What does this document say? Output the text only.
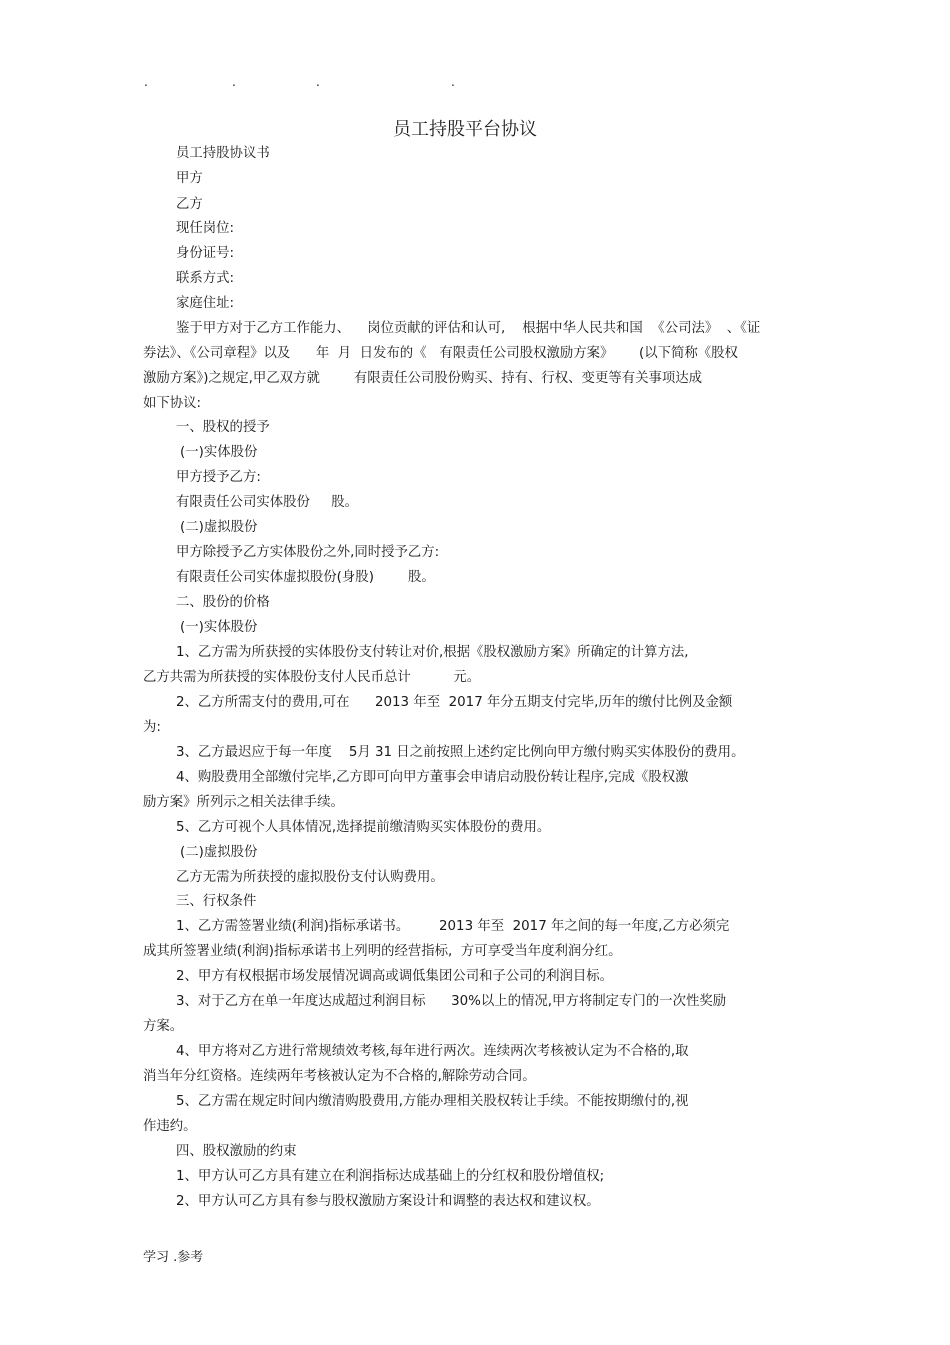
.	.	.	.
员工持股平台协议
员工持股协议书
甲方
乙方
现任岗位:
身份证号:
联系方式:
家庭住址:
鉴于甲方对于乙方工作能力、    岗位贡献的评估和认可,    根据中华人民共和国  《公司法》  、《证
券法》、《公司章程》以及      年  月  日发布的《   有限责任公司股权激励方案》      (以下简称《股权
激励方案》)之规定,甲乙双方就        有限责任公司股份购买、持有、行权、变更等有关事项达成
如下协议:
一、股权的授予
(一)实体股份
甲方授予乙方:
有限责任公司实体股份     股。
(二)虚拟股份
甲方除授予乙方实体股份之外,同时授予乙方:
有限责任公司实体虚拟股份(身股)        股。
二、股份的价格
(一)实体股份
1、乙方需为所获授的实体股份支付转让对价,根据《股权激励方案》所确定的计算方法,
乙方共需为所获授的实体股份支付人民币总计          元。
2、乙方所需支付的费用,可在      2013 年至  2017 年分五期支付完毕,历年的缴付比例及金额
为:
3、乙方最迟应于每一年度    5月 31 日之前按照上述约定比例向甲方缴付购买实体股份的费用。
4、购股费用全部缴付完毕,乙方即可向甲方董事会申请启动股份转让程序,完成《股权激
励方案》所列示之相关法律手续。
5、乙方可视个人具体情况,选择提前缴清购买实体股份的费用。
(二)虚拟股份
乙方无需为所获授的虚拟股份支付认购费用。
三、行权条件
1、乙方需签署业绩(利润)指标承诺书。       2013 年至  2017 年之间的每一年度,乙方必须完
成其所签署业绩(利润)指标承诺书上列明的经营指标,  方可享受当年度利润分红。
2、甲方有权根据市场发展情况调高或调低集团公司和子公司的利润目标。
3、对于乙方在单一年度达成超过利润目标      30%以上的情况,甲方将制定专门的一次性奖励
方案。
4、甲方将对乙方进行常规绩效考核,每年进行两次。连续两次考核被认定为不合格的,取
消当年分红资格。连续两年考核被认定为不合格的,解除劳动合同。
5、乙方需在规定时间内缴清购股费用,方能办理相关股权转让手续。不能按期缴付的,视
作违约。
四、股权激励的约束
1、甲方认可乙方具有建立在利润指标达成基础上的分红权和股份增值权;
2、甲方认可乙方具有参与股权激励方案设计和调整的表达权和建议权。
学习 .参考
